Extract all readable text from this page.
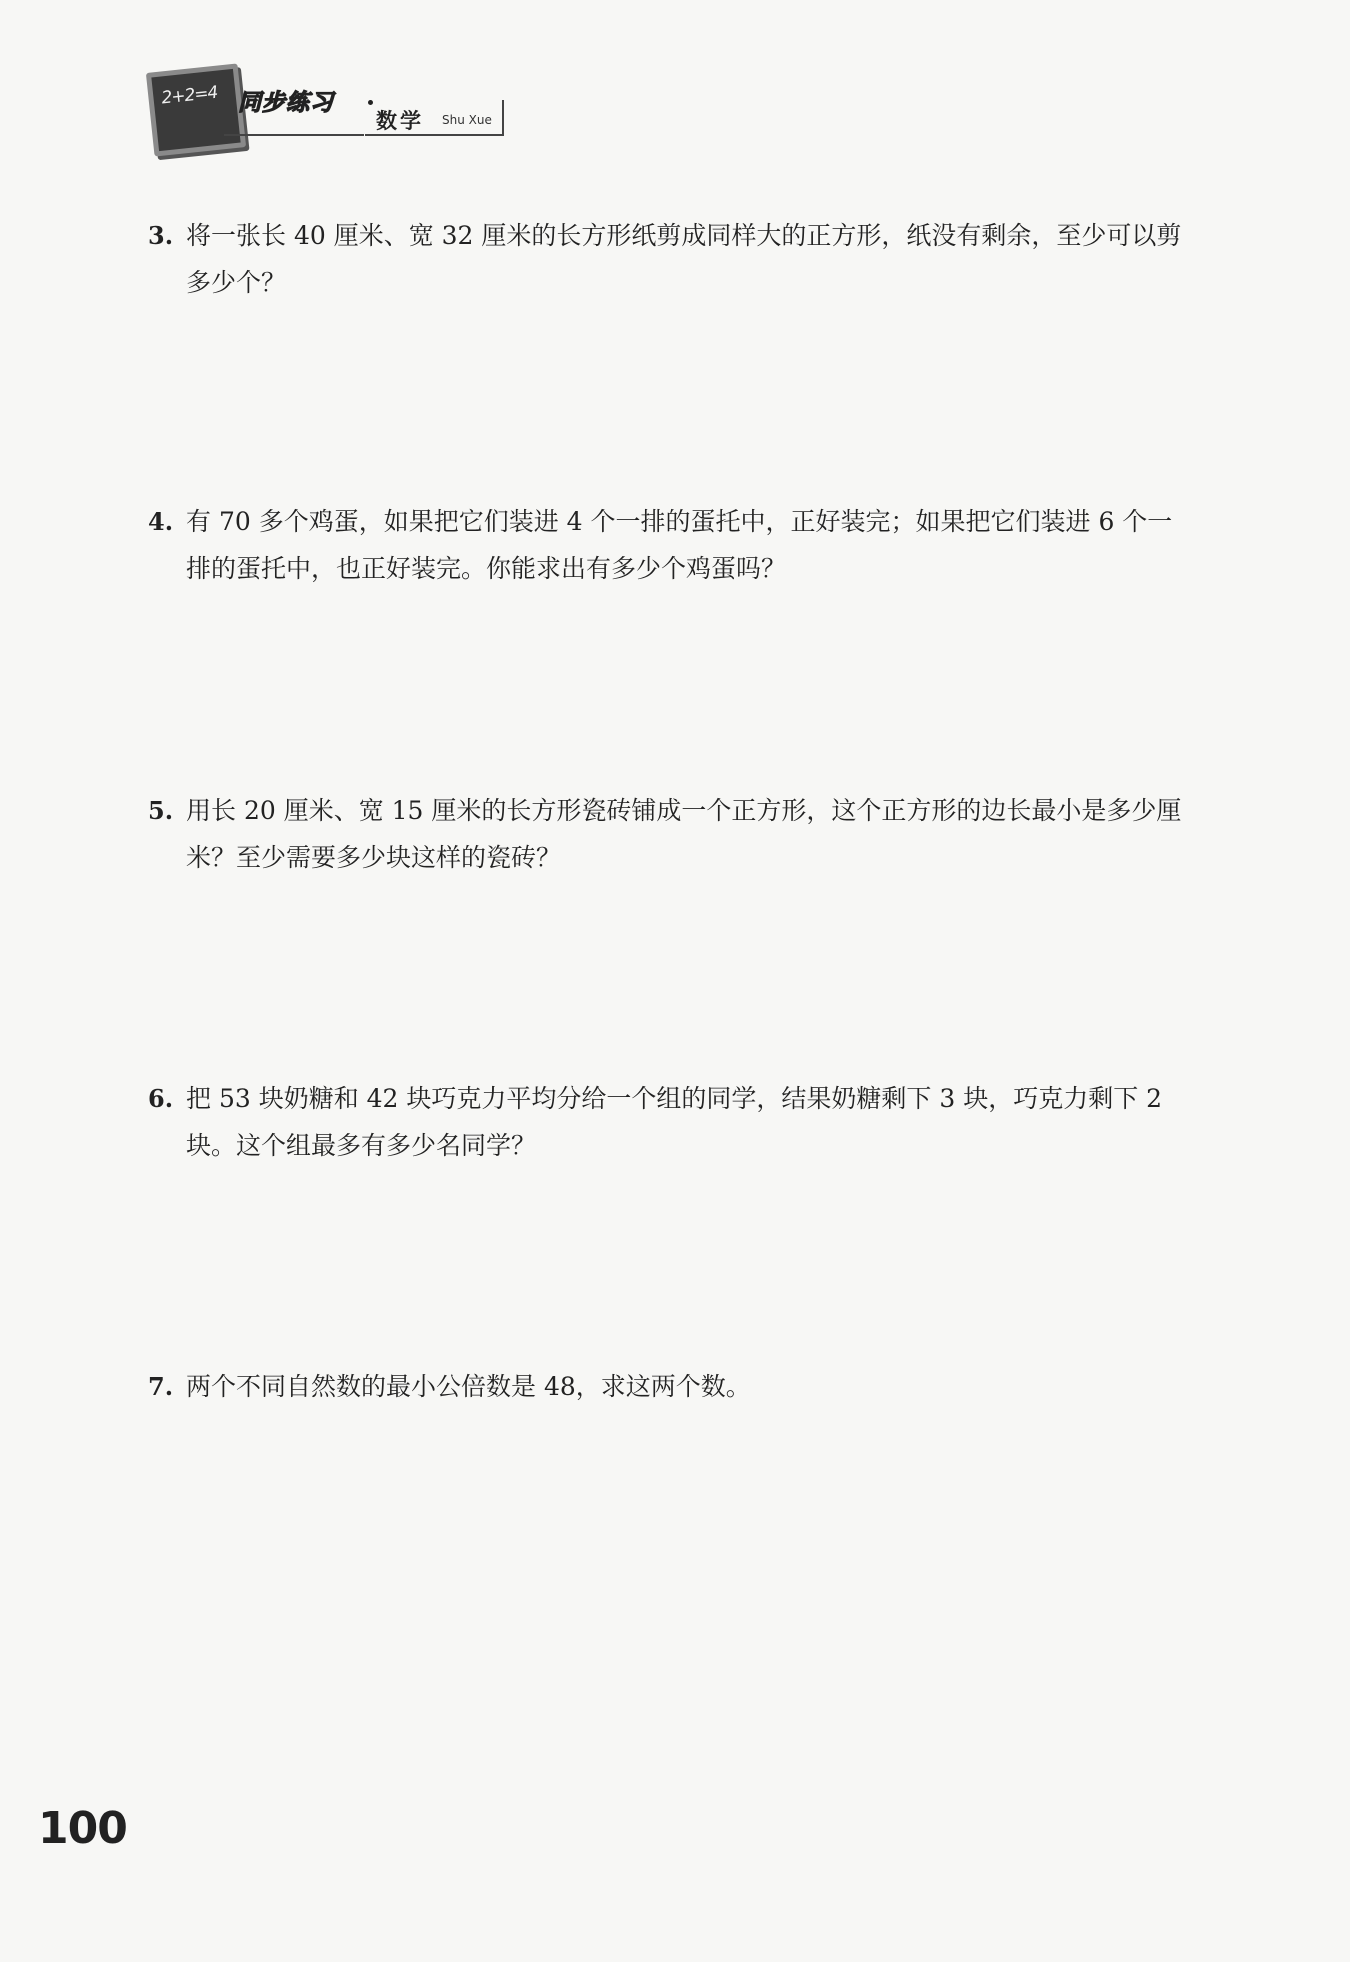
2+2=4 同步练习
数学 Shu Xue
3. 将一张长 40 厘米、宽 32 厘米的长方形纸剪成同样大的正方形，纸没有剩余，至少可以剪多少个？
4. 有 70 多个鸡蛋，如果把它们装进 4 个一排的蛋托中，正好装完；如果把它们装进 6 个一排的蛋托中，也正好装完。你能求出有多少个鸡蛋吗？
5. 用长 20 厘米、宽 15 厘米的长方形瓷砖铺成一个正方形，这个正方形的边长最小是多少厘米？至少需要多少块这样的瓷砖？
6. 把 53 块奶糖和 42 块巧克力平均分给一个组的同学，结果奶糖剩下 3 块，巧克力剩下 2 块。这个组最多有多少名同学？
7. 两个不同自然数的最小公倍数是 48，求这两个数。
100
